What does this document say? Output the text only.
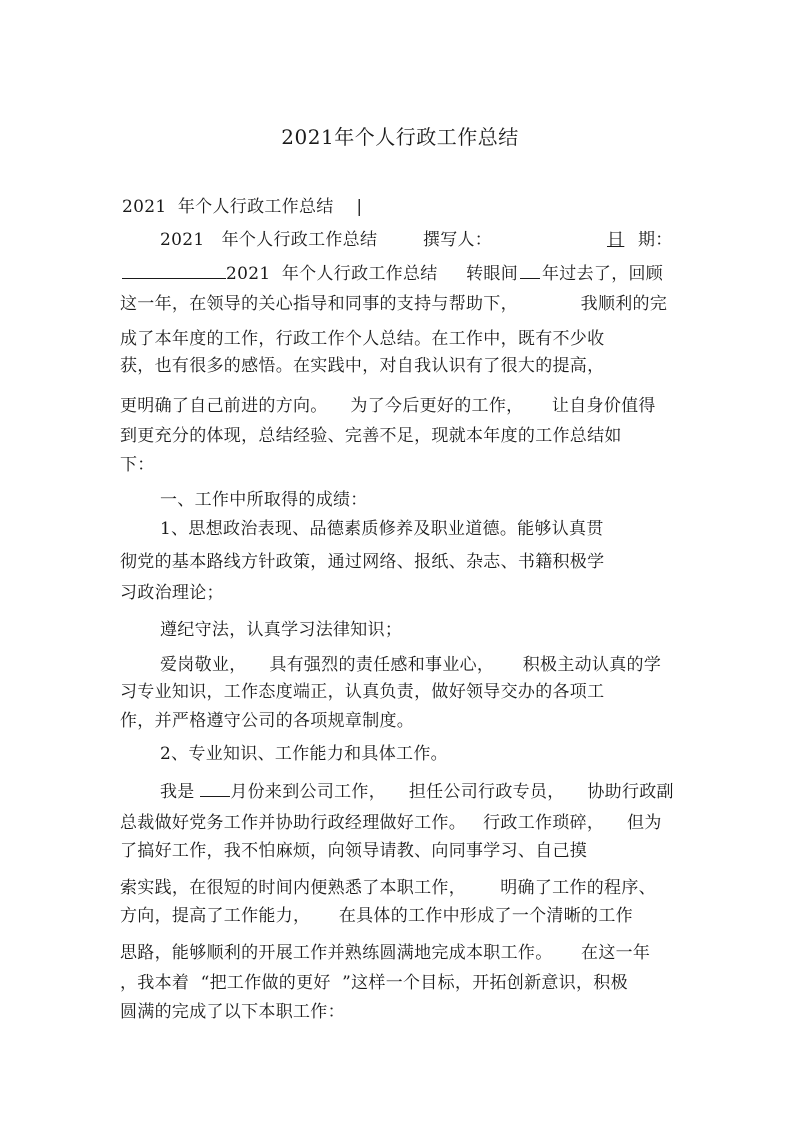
2021年个人行政工作总结
2021  年个人行政工作总结    |
2021   年个人行政工作总结        撰写人：	日 期：
2021  年个人行政工作总结     转眼间 年过去了，回顾
这一年，在领导的关心指导和同事的支持与帮助下，           我顺利的完
成了本年度的工作，行政工作个人总结。在工作中，既有不少收
获，也有很多的感悟。在实践中，对自我认识有了很大的提高，
更明确了自己前进的方向。    为了今后更好的工作，     让自身价值得
到更充分的体现，总结经验、完善不足，现就本年度的工作总结如
下：
一、工作中所取得的成绩：
1、思想政治表现、品德素质修养及职业道德。能够认真贯
彻党的基本路线方针政策，通过网络、报纸、杂志、书籍积极学
习政治理论；
遵纪守法，认真学习法律知识；
爱岗敬业，    具有强烈的责任感和事业心，     积极主动认真的学
习专业知识，工作态度端正，认真负责，做好领导交办的各项工
作，并严格遵守公司的各项规章制度。
2、专业知识、工作能力和具体工作。
我是 月份来到公司工作，    担任公司行政专员，    协助行政副
总裁做好党务工作并协助行政经理做好工作。   行政工作琐碎，    但为
了搞好工作，我不怕麻烦，向领导请教、向同事学习、自己摸
索实践，在很短的时间内便熟悉了本职工作，      明确了工作的程序、
方向，提高了工作能力，     在具体的工作中形成了一个清晰的工作
思路，能够顺利的开展工作并熟练圆满地完成本职工作。     在这一年
，我本着  “把工作做的更好  ”这样一个目标，开拓创新意识，积极
圆满的完成了以下本职工作：
